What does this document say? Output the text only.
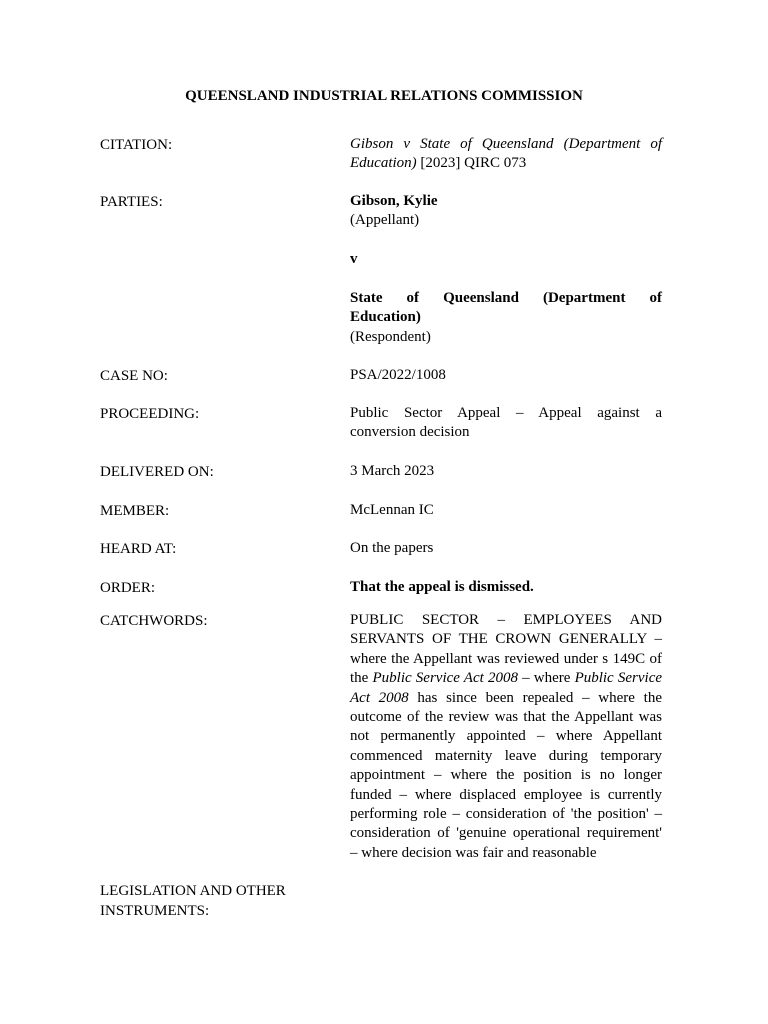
QUEENSLAND INDUSTRIAL RELATIONS COMMISSION
CITATION:	Gibson v State of Queensland (Department of
Education) [2023] QIRC 073
PARTIES:	Gibson, Kylie
(Appellant)
v
State of Queensland (Department of
Education)
(Respondent)
CASE NO:	PSA/2022/1008
PROCEEDING:	Public Sector Appeal – Appeal against a
conversion decision
DELIVERED ON:	3 March 2023
MEMBER:	McLennan IC
HEARD AT:	On the papers
ORDER:	That the appeal is dismissed.
CATCHWORDS:	PUBLIC SECTOR – EMPLOYEES AND SERVANTS OF THE CROWN GENERALLY – where the Appellant was reviewed under s 149C of the Public Service Act 2008 – where Public Service Act 2008 has since been repealed – where the outcome of the review was that the Appellant was not permanently appointed – where Appellant commenced maternity leave during temporary appointment – where the position is no longer funded – where displaced employee is currently performing role – consideration of 'the position' – consideration of 'genuine operational requirement' – where decision was fair and reasonable
LEGISLATION AND OTHER
INSTRUMENTS:
